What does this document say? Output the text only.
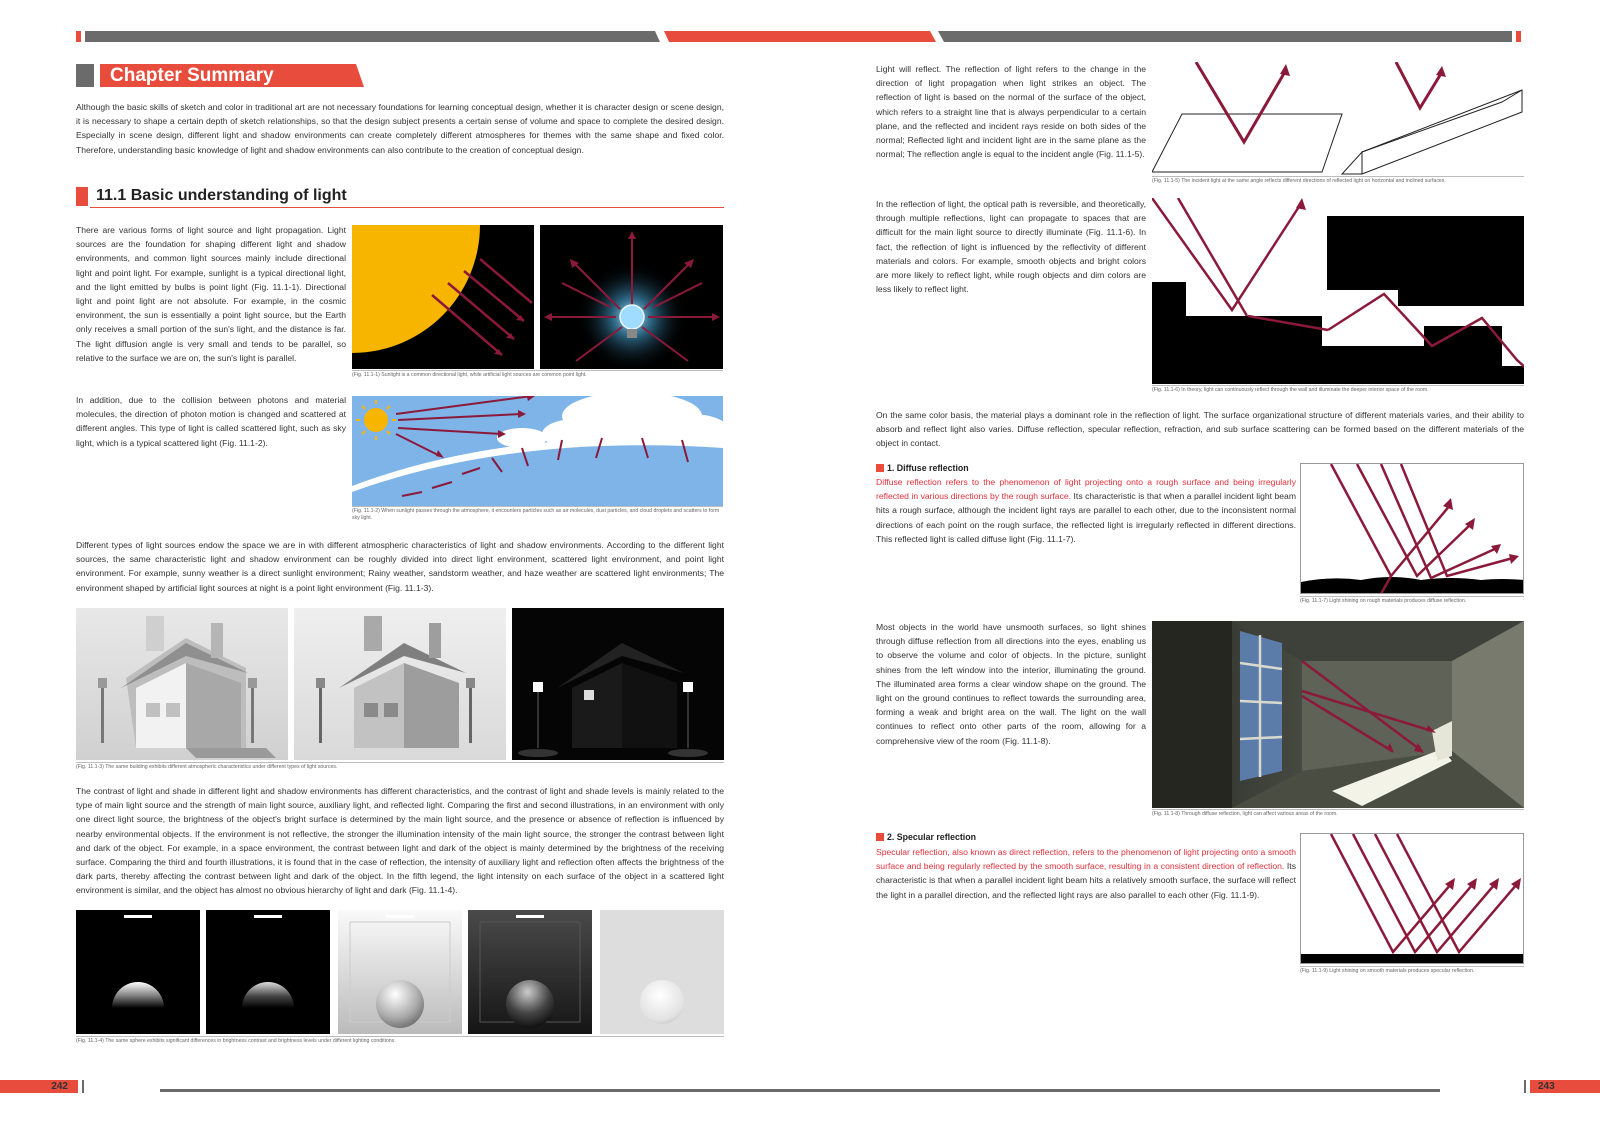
Chapter Summary
Although the basic skills of sketch and color in traditional art are not necessary foundations for learning conceptual design, whether it is character design or scene design, it is necessary to shape a certain depth of sketch relationships, so that the design subject presents a certain sense of volume and space to complete the desired design. Especially in scene design, different light and shadow environments can create completely different atmospheres for themes with the same shape and fixed color. Therefore, understanding basic knowledge of light and shadow environments can also contribute to the creation of conceptual design.
11.1 Basic understanding of light
There are various forms of light source and light propagation. Light sources are the foundation for shaping different light and shadow environments, and common light sources mainly include directional light and point light. For example, sunlight is a typical directional light, and the light emitted by bulbs is point light (Fig. 11.1-1). Directional light and point light are not absolute. For example, in the cosmic environment, the sun is essentially a point light source, but the Earth only receives a small portion of the sun's light, and the distance is far. The light diffusion angle is very small and tends to be parallel, so relative to the surface we are on, the sun's light is parallel.
(Fig. 11.1-1) Sunlight is a common directional light, while artificial light sources are common point light.
In addition, due to the collision between photons and material molecules, the direction of photon motion is changed and scattered at different angles. This type of light is called scattered light, such as sky light, which is a typical scattered light (Fig. 11.1-2).
(Fig. 11.1-2) When sunlight passes through the atmosphere, it encounters particles such as air molecules, dust particles, and cloud droplets and scatters to form sky light.
Different types of light sources endow the space we are in with different atmospheric characteristics of light and shadow environments. According to the different light sources, the same characteristic light and shadow environment can be roughly divided into direct light environment, scattered light environment, and point light environment. For example, sunny weather is a direct sunlight environment; Rainy weather, sandstorm weather, and haze weather are scattered light environments; The environment shaped by artificial light sources at night is a point light environment (Fig. 11.1-3).
(Fig. 11.1-3) The same building exhibits different atmospheric characteristics under different types of light sources.
The contrast of light and shade in different light and shadow environments has different characteristics, and the contrast of light and shade levels is mainly related to the type of main light source and the strength of main light source, auxiliary light, and reflected light. Comparing the first and second illustrations, in an environment with only one direct light source, the brightness of the object's bright surface is determined by the main light source, and the presence or absence of reflection is influenced by nearby environmental objects. If the environment is not reflective, the stronger the illumination intensity of the main light source, the stronger the contrast between light and dark of the object. For example, in a space environment, the contrast between light and dark of the object is mainly determined by the brightness of the receiving surface. Comparing the third and fourth illustrations, it is found that in the case of reflection, the intensity of auxiliary light and reflection often affects the brightness of the dark parts, thereby affecting the contrast between light and dark of the object. In the fifth legend, the light intensity on each surface of the object in a scattered light environment is similar, and the object has almost no obvious hierarchy of light and dark (Fig. 11.1-4).
(Fig. 11.1-4) The same sphere exhibits significant differences in brightness contrast and brightness levels under different lighting conditions.
Light will reflect. The reflection of light refers to the change in the direction of light propagation when light strikes an object. The reflection of light is based on the normal of the surface of the object, which refers to a straight line that is always perpendicular to a certain plane, and the reflected and incident rays reside on both sides of the normal; Reflected light and incident light are in the same plane as the normal; The reflection angle is equal to the incident angle (Fig. 11.1-5).
(Fig. 11.1-5) The incident light at the same angle reflects different directions of reflected light on horizontal and inclined surfaces.
In the reflection of light, the optical path is reversible, and theoretically, through multiple reflections, light can propagate to spaces that are difficult for the main light source to directly illuminate (Fig. 11.1-6). In fact, the reflection of light is influenced by the reflectivity of different materials and colors. For example, smooth objects and bright colors are more likely to reflect light, while rough objects and dim colors are less likely to reflect light.
(Fig. 11.1-6) In theory, light can continuously reflect through the wall and illuminate the deeper interior space of the room.
On the same color basis, the material plays a dominant role in the reflection of light. The surface organizational structure of different materials varies, and their ability to absorb and reflect light also varies. Diffuse reflection, specular reflection, refraction, and sub surface scattering can be formed based on the different materials of the object in contact.
1. Diffuse reflection
Diffuse reflection refers to the phenomenon of light projecting onto a rough surface and being irregularly reflected in various directions by the rough surface. Its characteristic is that when a parallel incident light beam hits a rough surface, although the incident light rays are parallel to each other, due to the inconsistent normal directions of each point on the rough surface, the reflected light is irregularly reflected in different directions. This reflected light is called diffuse light (Fig. 11.1-7).
(Fig. 11.1-7) Light shining on rough materials produces diffuse reflection.
Most objects in the world have unsmooth surfaces, so light shines through diffuse reflection from all directions into the eyes, enabling us to observe the volume and color of objects. In the picture, sunlight shines from the left window into the interior, illuminating the ground. The illuminated area forms a clear window shape on the ground. The light on the ground continues to reflect towards the surrounding area, forming a weak and bright area on the wall. The light on the wall continues to reflect onto other parts of the room, allowing for a comprehensive view of the room (Fig. 11.1-8).
(Fig. 11.1-8) Through diffuse reflection, light can affect various areas of the room.
2. Specular reflection
Specular reflection, also known as direct reflection, refers to the phenomenon of light projecting onto a smooth surface and being regularly reflected by the smooth surface, resulting in a consistent direction of reflection. Its characteristic is that when a parallel incident light beam hits a relatively smooth surface, the surface will reflect the light in a parallel direction, and the reflected light rays are also parallel to each other (Fig. 11.1-9).
(Fig. 11.1-9) Light shining on smooth materials produces specular reflection.
242	243
